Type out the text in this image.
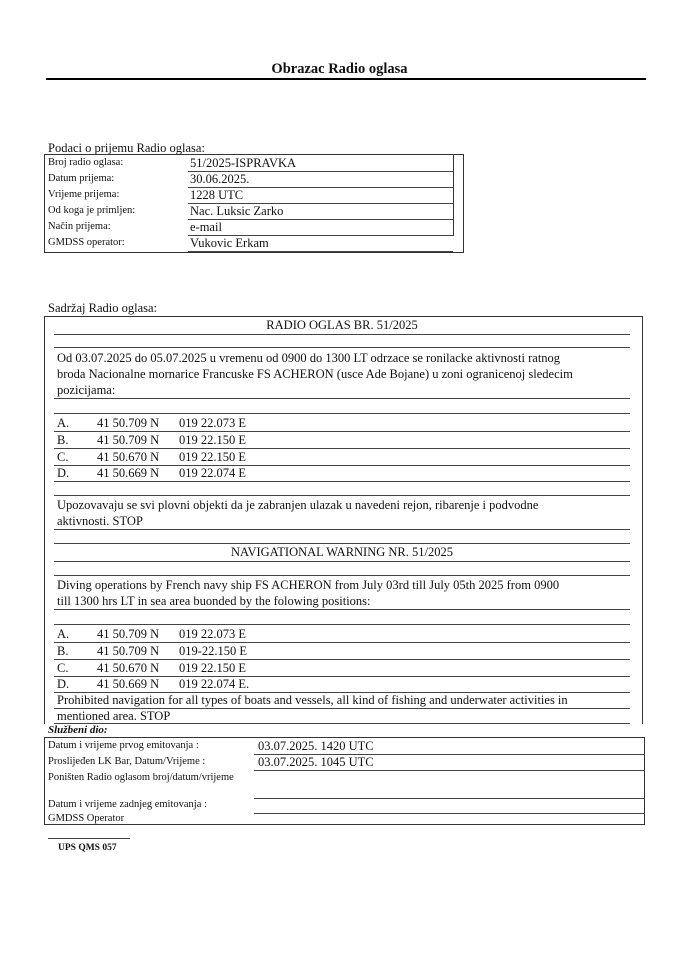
Obrazac Radio oglasa
Podaci o prijemu Radio oglasa:
Broj radio oglasa:	51/2025-ISPRAVKA
Datum prijema:	30.06.2025.
Vrijeme prijema:	1228 UTC
Od koga je primljen:	Nac. Luksic Zarko
Način prijema:	e-mail
GMDSS operator:	Vukovic Erkam
Sadržaj Radio oglasa:
RADIO OGLAS BR. 51/2025
Od 03.07.2025 do 05.07.2025 u vremenu od 0900 do 1300 LT odrzace se ronilacke aktivnosti ratnog
broda Nacionalne mornarice Francuske FS ACHERON (usce Ade Bojane) u zoni ogranicenoj sledecim
pozicijama:
A. 41 50.709 N 019 22.073 E
B. 41 50.709 N 019 22.150 E
C. 41 50.670 N 019 22.150 E
D. 41 50.669 N 019 22.074 E
Upozovavaju se svi plovni objekti da je zabranjen ulazak u navedeni rejon, ribarenje i podvodne
aktivnosti. STOP
NAVIGATIONAL WARNING NR. 51/2025
Diving operations by French navy ship FS ACHERON from July 03rd till July 05th 2025 from 0900
till 1300 hrs LT in sea area buonded by the folowing positions:
A. 41 50.709 N 019 22.073 E
B. 41 50.709 N 019-22.150 E
C. 41 50.670 N 019 22.150 E
D. 41 50.669 N 019 22.074 E.
Prohibited navigation for all types of boats and vessels, all kind of fishing and underwater activities in
mentioned area. STOP
Službeni dio:
Datum i vrijeme prvog emitovanja :	03.07.2025. 1420 UTC
Proslijeđen LK Bar, Datum/Vrijeme :	03.07.2025. 1045 UTC
Poništen Radio oglasom broj/datum/vrijeme
Datum i vrijeme zadnjeg emitovanja :
GMDSS Operator
UPS QMS 057
